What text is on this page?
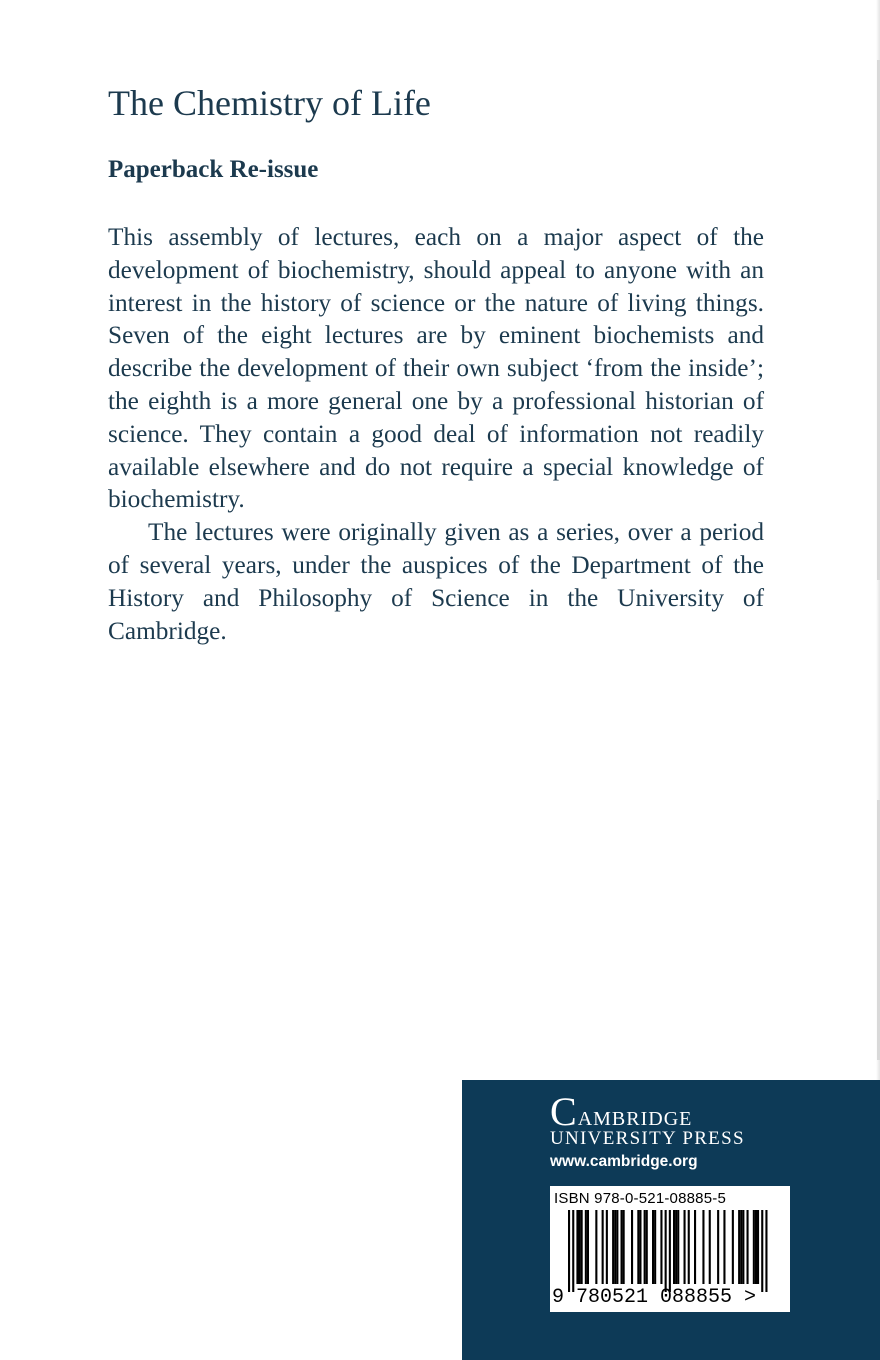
The Chemistry of Life
Paperback Re-issue

This assembly of lectures, each on a major aspect of the development of biochemistry, should appeal to anyone with an interest in the history of science or the nature of living things. Seven of the eight lectures are by eminent biochemists and describe the development of their own subject ‘from the inside’; the eighth is a more general one by a professional historian of science. They contain a good deal of information not readily available elsewhere and do not require a special knowledge of biochemistry.

The lectures were originally given as a series, over a period of several years, under the auspices of the Department of the History and Philosophy of Science in the University of Cambridge.

Cambridge

UNIVERSITY PRESS

www.cambridge.org

ISBN 978-0-521-08885-5

9 780521 088855 >
